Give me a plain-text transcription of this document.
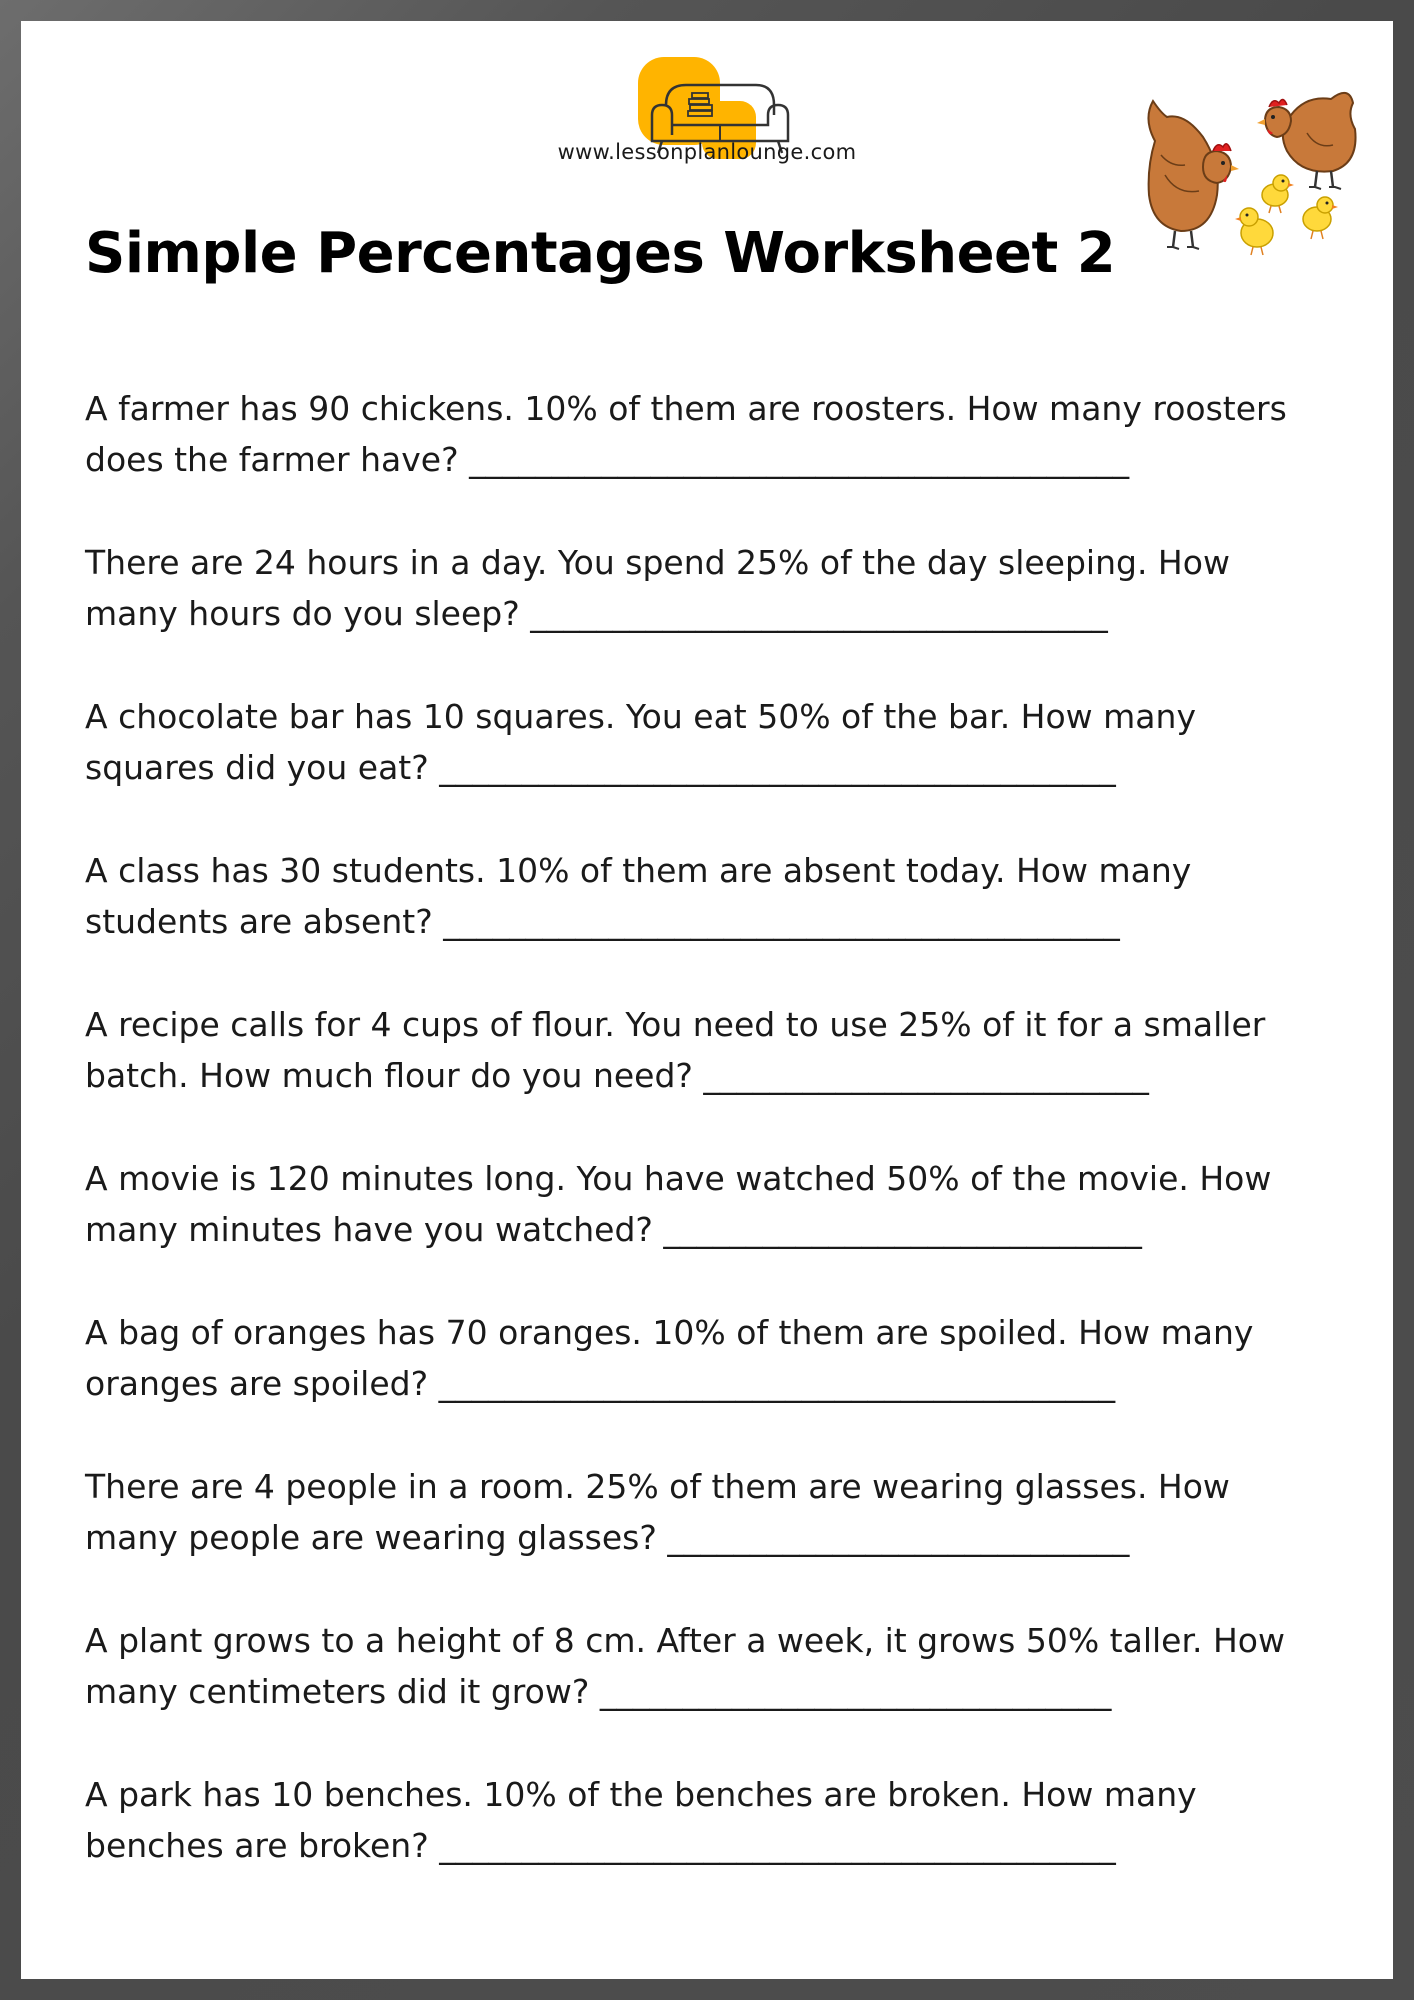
www.lessonplanlounge.com
Simple Percentages Worksheet 2
A farmer has 90 chickens. 10% of them are roosters. How many roosters
does the farmer have? ________________________________________
There are 24 hours in a day. You spend 25% of the day sleeping. How
many hours do you sleep? ___________________________________
A chocolate bar has 10 squares. You eat 50% of the bar. How many
squares did you eat? _________________________________________
A class has 30 students. 10% of them are absent today. How many
students are absent? _________________________________________
A recipe calls for 4 cups of flour. You need to use 25% of it for a smaller
batch. How much flour do you need? ___________________________
A movie is 120 minutes long. You have watched 50% of the movie. How
many minutes have you watched? _____________________________
A bag of oranges has 70 oranges. 10% of them are spoiled. How many
oranges are spoiled? _________________________________________
There are 4 people in a room. 25% of them are wearing glasses. How
many people are wearing glasses? ____________________________
A plant grows to a height of 8 cm. After a week, it grows 50% taller. How
many centimeters did it grow? _______________________________
A park has 10 benches. 10% of the benches are broken. How many
benches are broken? _________________________________________
